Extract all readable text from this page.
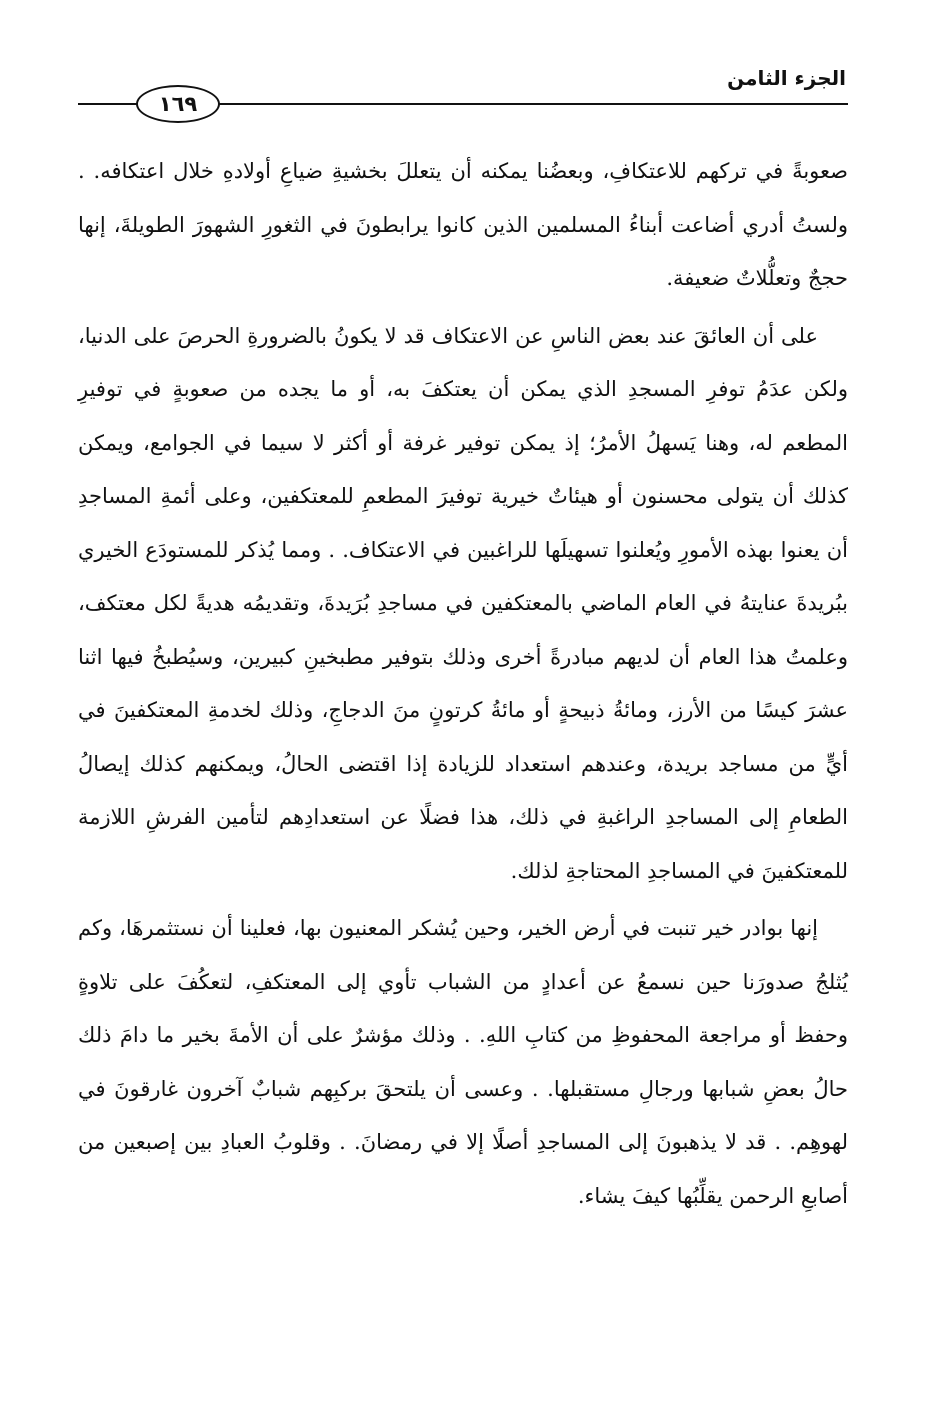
الجزء الثامن
١٦٩

صعوبةً في تركهم للاعتكافِ، وبعضُنا يمكنه أن يتعللَ بخشيةِ ضياعِ أولادهِ خلال اعتكافه. . ولستُ أدري أضاعت أبناءُ المسلمين الذين كانوا يرابطونَ في الثغورِ الشهورَ الطويلةَ، إنها حججٌ وتعلُّلاتٌ ضعيفة.

على أن العائقَ عند بعض الناسِ عن الاعتكاف قد لا يكونُ بالضرورةِ الحرصَ على الدنيا، ولكن عدَمُ توفرِ المسجدِ الذي يمكن أن يعتكفَ به، أو ما يجده من صعوبةٍ في توفيرِ المطعم له، وهنا يَسهلُ الأمرُ؛ إذ يمكن توفير غرفة أو أكثر لا سيما في الجوامع، ويمكن كذلك أن يتولى محسنون أو هيئاتٌ خيرية توفيرَ المطعمِ للمعتكفين، وعلى أئمةِ المساجدِ أن يعنوا بهذه الأمورِ ويُعلنوا تسهيلَها للراغبين في الاعتكاف. . ومما يُذكر للمستودَع الخيري ببُريدةَ عنايتهُ في العام الماضي بالمعتكفين في مساجدِ بُرَيدةَ، وتقديمُه هديةً لكل معتكف، وعلمتُ هذا العام أن لديهم مبادرةً أخرى وذلك بتوفير مطبخينِ كبيرين، وسيُطبخُ فيها اثنا عشرَ كيسًا من الأرز، ومائةُ ذبيحةٍ أو مائةُ كرتونٍ منَ الدجاجِ، وذلك لخدمةِ المعتكفينَ في أيٍّ من مساجد بريدة، وعندهم استعداد للزيادة إذا اقتضى الحالُ، ويمكنهم كذلك إيصالُ الطعامِ إلى المساجدِ الراغبةِ في ذلك، هذا فضلًا عن استعدادِهم لتأمين الفرشِ اللازمة للمعتكفينَ في المساجدِ المحتاجةِ لذلك.

إنها بوادر خير تنبت في أرض الخير، وحين يُشكر المعنيون بها، فعلينا أن نستثمرهَا، وكم يُثلجُ صدورَنا حين نسمعُ عن أعدادٍ من الشباب تأوي إلى المعتكفِ، لتعكُفَ على تلاوةٍ وحفظ أو مراجعة المحفوظِ من كتابِ اللهِ. . وذلك مؤشرٌ على أن الأمةَ بخير ما دامَ ذلك حالُ بعضِ شبابها ورجالِ مستقبلها. . وعسى أن يلتحقَ بركبِهم شبابٌ آخرون غارقونَ في لهوهِم. . قد لا يذهبونَ إلى المساجدِ أصلًا إلا في رمضانَ. . وقلوبُ العبادِ بين إصبعين من أصابعِ الرحمن يقلِّبُها كيفَ يشاء.
